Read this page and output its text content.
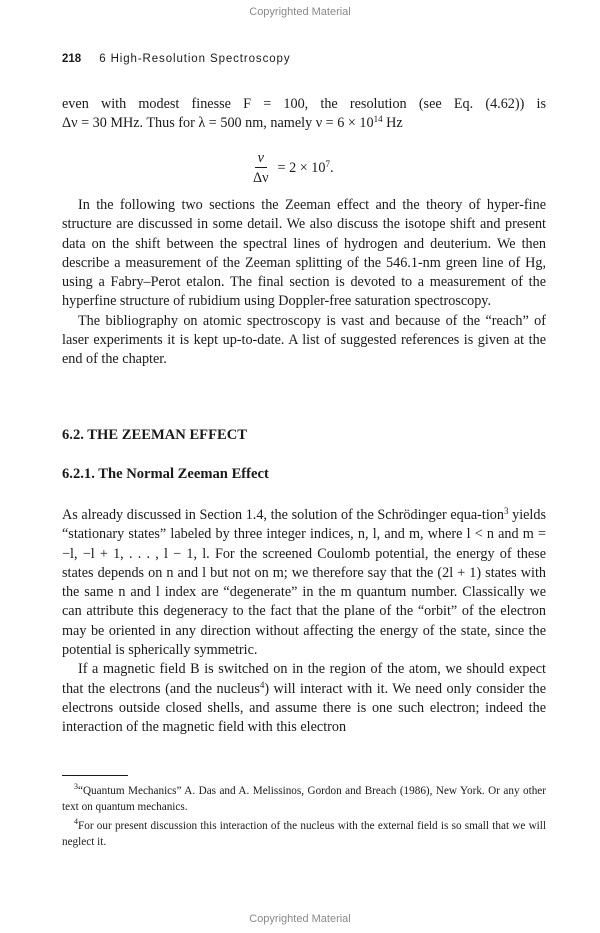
Copyrighted Material
218 6 High-Resolution Spectroscopy

even with modest finesse F = 100, the resolution (see Eq. (4.62)) is

Δν = 30 MHz. Thus for λ = 500 nm, namely $\nu = 6 \times 10^{14}$ Hz

$\frac{\nu}{\Delta\nu} = 2 \times 10^7$.

In the following two sections the Zeeman effect and the theory of hyper‑fine structure are discussed in some detail. We also discuss the isotope shift and present data on the shift between the spectral lines of hydrogen and deuterium. We then describe a measurement of the Zeeman splitting of the 546.1-nm green line of Hg, using a Fabry–Perot etalon. The final section is devoted to a measurement of the hyperfine structure of rubidium using Doppler-free saturation spectroscopy.

The bibliography on atomic spectroscopy is vast and because of the “reach” of laser experiments it is kept up-to-date. A list of suggested references is given at the end of the chapter.

6.2. THE ZEEMAN EFFECT
6.2.1. The Normal Zeeman Effect

As already discussed in Section 1.4, the solution of the Schrödinger equa‑tion$^3$ yields “stationary states” labeled by three integer indices, n, l, and m, where l < n and m = −l, −l + 1, . . . , l − 1, l. For the screened Coulomb potential, the energy of these states depends on n and l but not on m; we therefore say that the (2l + 1) states with the same n and l index are “degenerate” in the m quantum number. Classically we can attribute this degeneracy to the fact that the plane of the “orbit” of the electron may be oriented in any direction without affecting the energy of the state, since the potential is spherically symmetric.

If a magnetic field B is switched on in the region of the atom, we should expect that the electrons (and the nucleus$^4$) will interact with it. We need only consider the electrons outside closed shells, and assume there is one such electron; indeed the interaction of the magnetic field with this electron

$^3$“Quantum Mechanics” A. Das and A. Melissinos, Gordon and Breach (1986), New York. Or any other text on quantum mechanics.

$^4$For our present discussion this interaction of the nucleus with the external field is so small that we will neglect it.

Copyrighted Material
